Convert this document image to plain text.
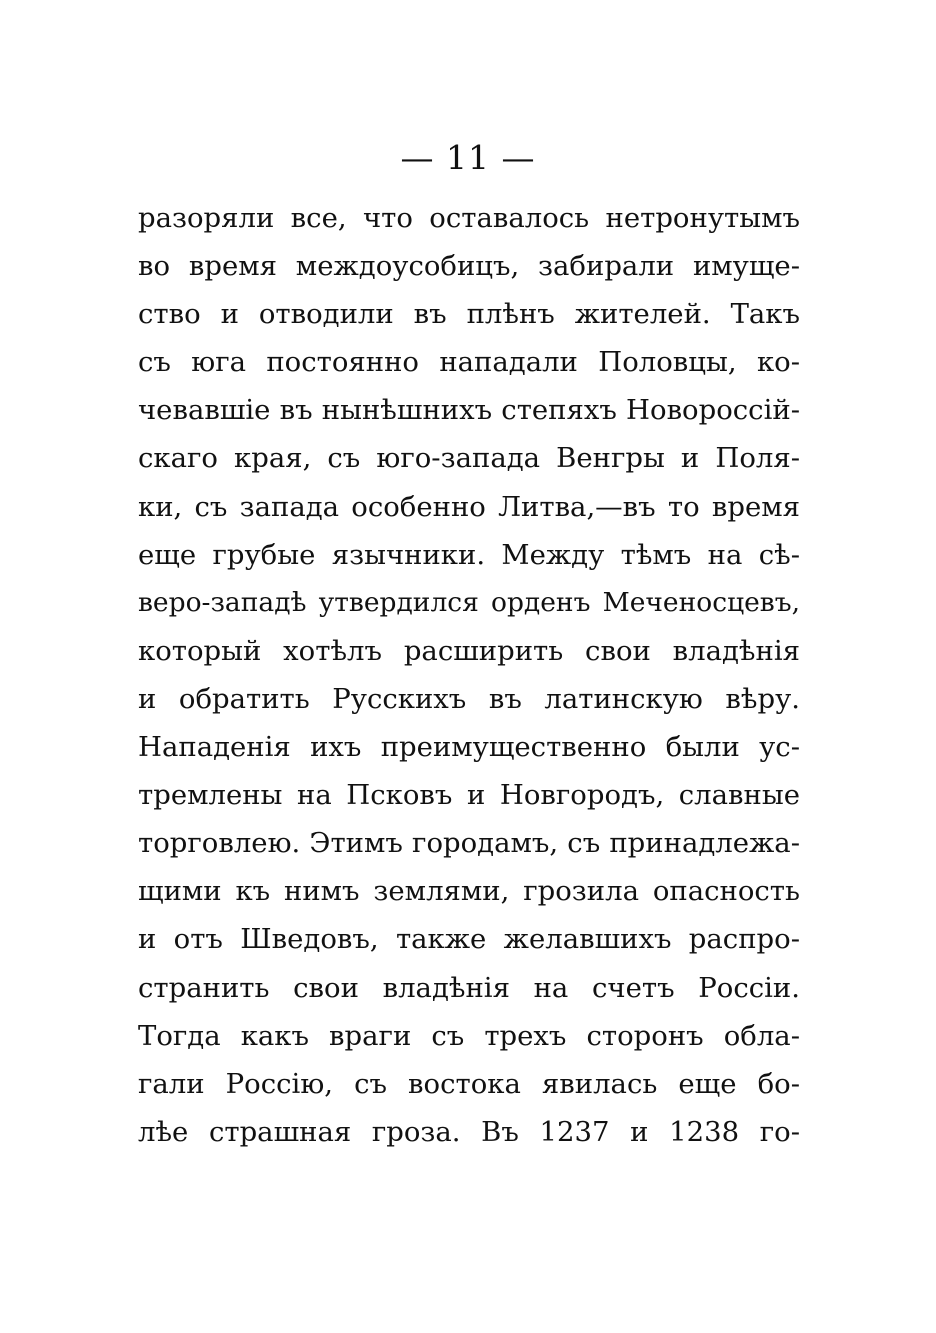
— 11 —
разоряли все, что оставалось нетронутымъ
во время междоусобицъ, забирали имуще-
ство и отводили въ плѣнъ жителей. Такъ
съ юга постоянно нападали Половцы, ко-
чевавшіе въ нынѣшнихъ степяхъ Новороссій-
скаго края, съ юго-запада Венгры и Поля-
ки, съ запада особенно Литва,—въ то время
еще грубые язычники. Между тѣмъ на сѣ-
веро-западѣ утвердился орденъ Меченосцевъ,
который хотѣлъ расширить свои владѣнія
и обратить Русскихъ въ латинскую вѣру.
Нападенія ихъ преимущественно были ус-
тремлены на Псковъ и Новгородъ, славные
торговлею. Этимъ городамъ, съ принадлежа-
щими къ нимъ землями, грозила опасность
и отъ Шведовъ, также желавшихъ распро-
странить свои владѣнія на счетъ Россіи.
Тогда какъ враги съ трехъ сторонъ обла-
гали Россію, съ востока явилась еще бо-
лѣе страшная гроза. Въ 1237 и 1238 го-
